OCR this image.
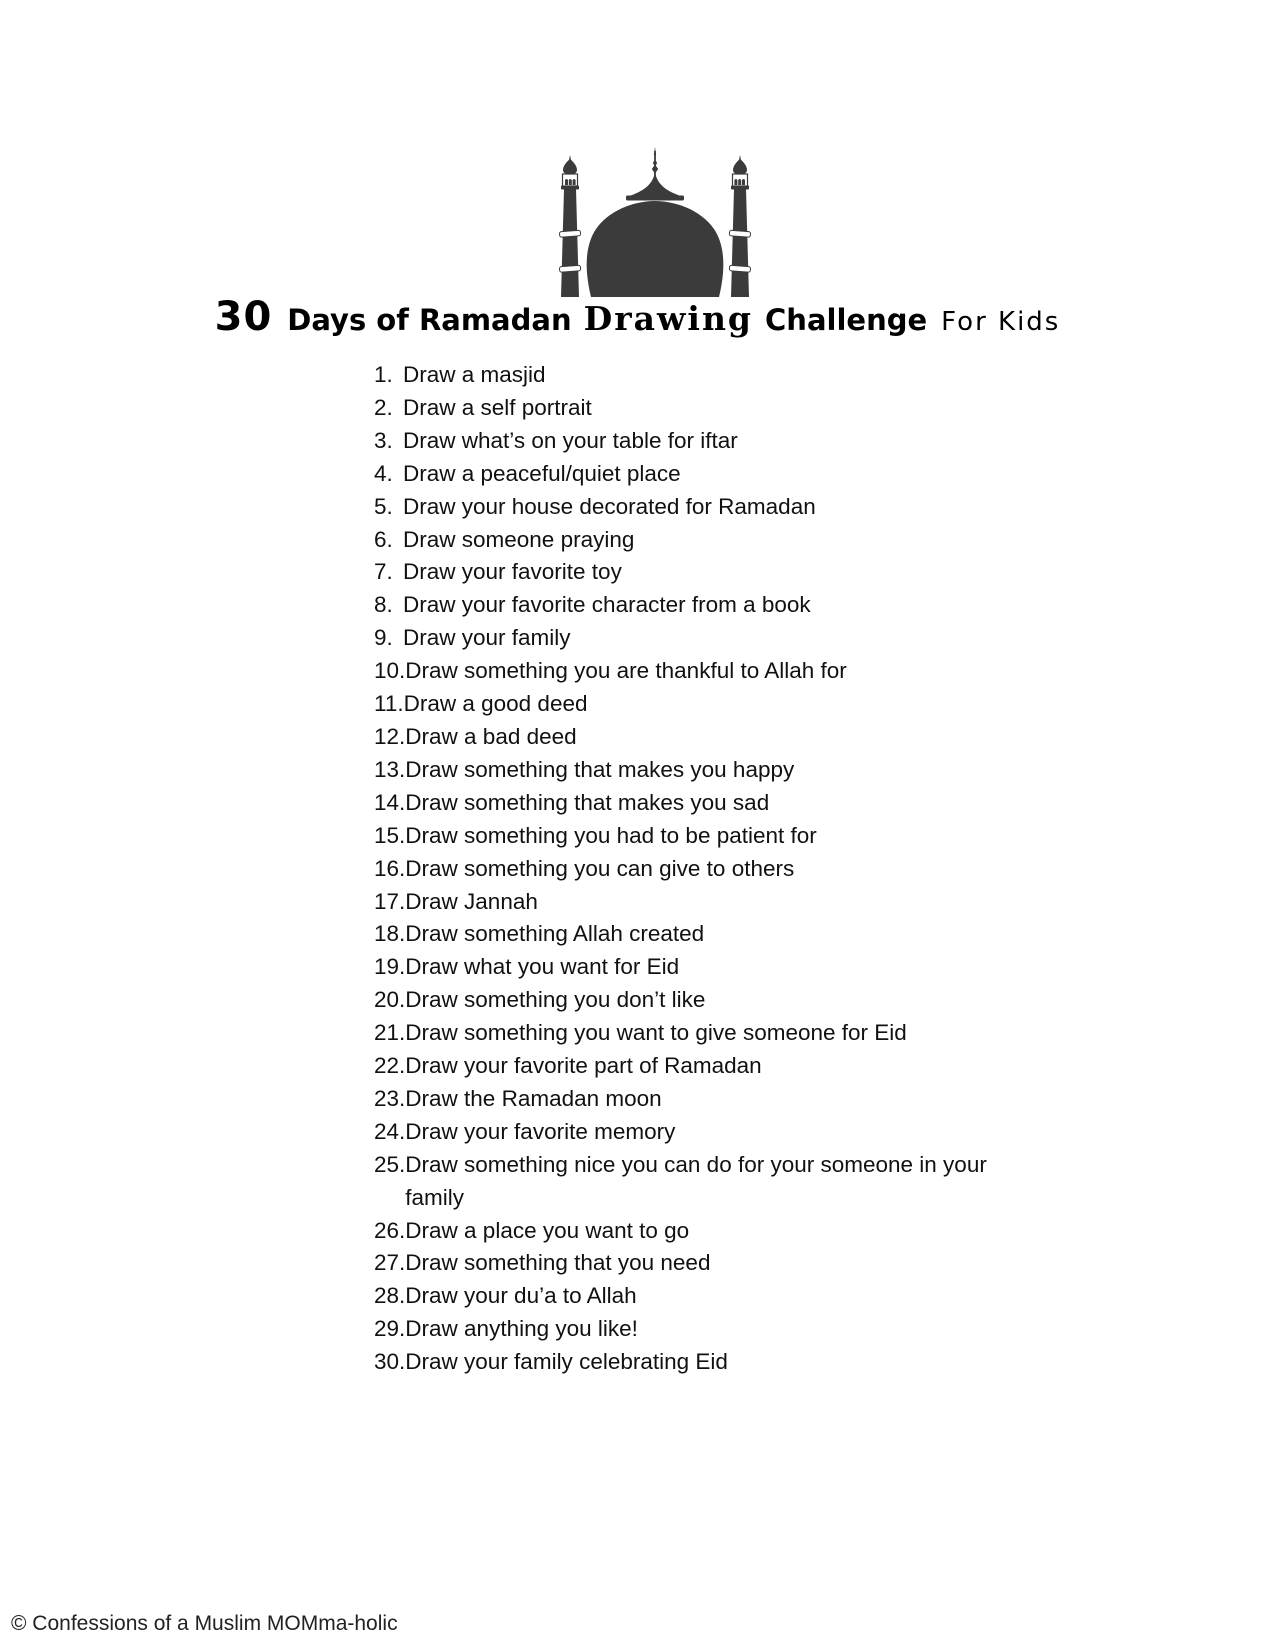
30 Days of Ramadan Drawing Challenge For Kids
1. Draw a masjid
2. Draw a self portrait
3. Draw what’s on your table for iftar
4. Draw a peaceful/quiet place
5. Draw your house decorated for Ramadan
6. Draw someone praying
7. Draw your favorite toy
8. Draw your favorite character from a book
9. Draw your family
10. Draw something you are thankful to Allah for
11. Draw a good deed
12. Draw a bad deed
13. Draw something that makes you happy
14. Draw something that makes you sad
15. Draw something you had to be patient for
16. Draw something you can give to others
17. Draw Jannah
18. Draw something Allah created
19. Draw what you want for Eid
20. Draw something you don’t like
21. Draw something you want to give someone for Eid
22. Draw your favorite part of Ramadan
23. Draw the Ramadan moon
24. Draw your favorite memory
25. Draw something nice you can do for your someone in your family
26. Draw a place you want to go
27. Draw something that you need
28. Draw your du’a to Allah
29. Draw anything you like!
30. Draw your family celebrating Eid
© Confessions of a Muslim MOMma-holic
